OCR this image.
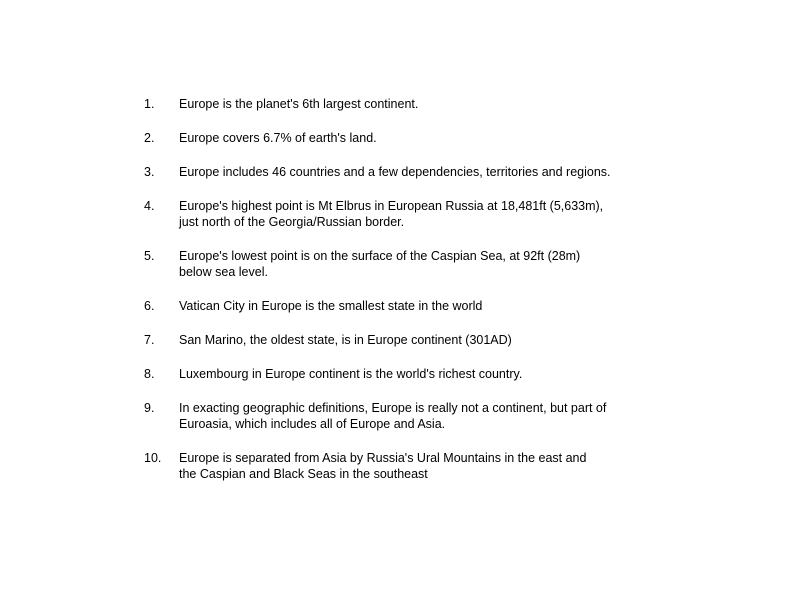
1.	Europe is the planet's 6th largest continent.
2.	Europe covers 6.7% of earth's land.
3.	Europe includes 46 countries and a few dependencies, territories and regions.
4.	Europe's highest point is Mt Elbrus in European Russia at 18,481ft (5,633m),
just north of the Georgia/Russian border.
5.	Europe's lowest point is on the surface of the Caspian Sea, at 92ft (28m)
below sea level.
6.	Vatican City in Europe is the smallest state in the world
7.	San Marino, the oldest state, is in Europe continent (301AD)
8.	Luxembourg in Europe continent is the world's richest country.
9.	In exacting geographic definitions, Europe is really not a continent, but part of
Euroasia, which includes all of Europe and Asia.
10.	Europe is separated from Asia by Russia's Ural Mountains in the east and
the Caspian and Black Seas in the southeast
